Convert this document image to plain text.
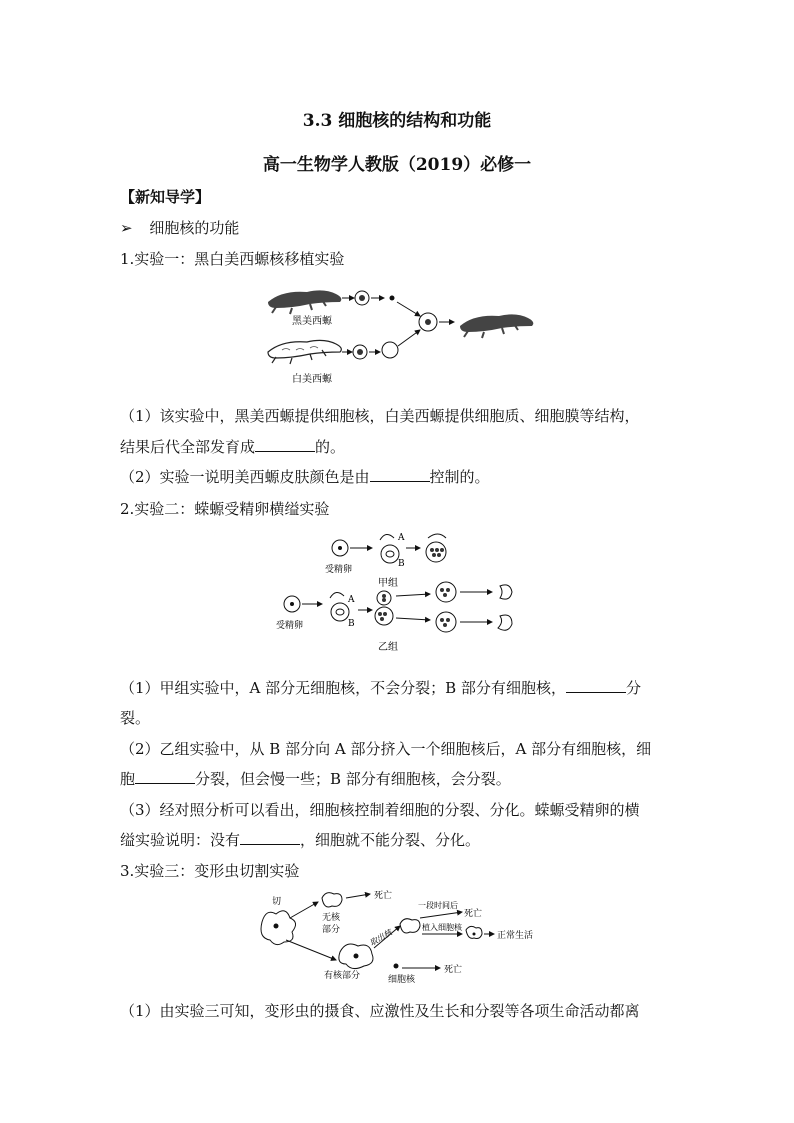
3.3 细胞核的结构和功能
高一生物学人教版（2019）必修一
【新知导学】
➢ 细胞核的功能
1.实验一：黑白美西螈核移植实验
黑美西螈
白美西螈
（1）该实验中，黑美西螈提供细胞核，白美西螈提供细胞质、细胞膜等结构，
结果后代全部发育成	的。
（2）实验一说明美西螈皮肤颜色是由	控制的。
2.实验二：蝾螈受精卵横缢实验
受精卵
A
B
甲组
受精卵
A
B
乙组
（1）甲组实验中，A 部分无细胞核，不会分裂；B 部分有细胞核，	分
裂。
（2）乙组实验中，从 B 部分向 A 部分挤入一个细胞核后，A 部分有细胞核，细
胞	分裂，但会慢一些；B 部分有细胞核，会分裂。
（3）经对照分析可以看出，细胞核控制着细胞的分裂、分化。蝾螈受精卵的横
缢实验说明：没有	，细胞就不能分裂、分化。
3.实验三：变形虫切割实验
切
无核
部分
死亡
有核部分
取出核
细胞核
死亡
一段时间后
死亡
植入细胞核
正常生活
（1）由实验三可知，变形虫的摄食、应激性及生长和分裂等各项生命活动都离
